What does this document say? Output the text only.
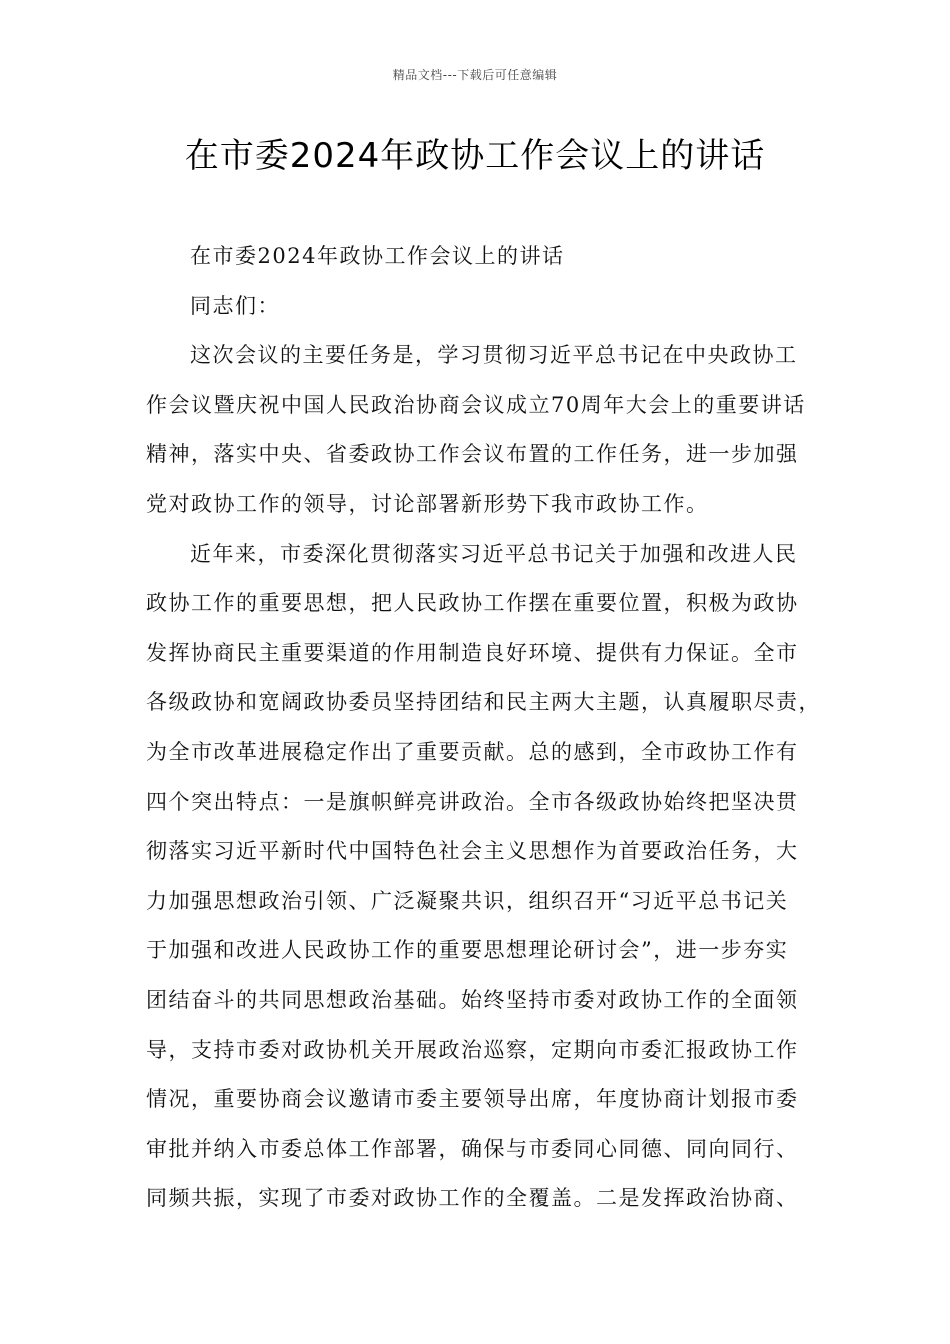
精品文档---下载后可任意编辑
在市委2024年政协工作会议上的讲话

在市委2024年政协工作会议上的讲话

同志们：

这次会议的主要任务是，学习贯彻习近平总书记在中央政协工

作会议暨庆祝中国人民政治协商会议成立70周年大会上的重要讲话

精神，落实中央、省委政协工作会议布置的工作任务，进一步加强

党对政协工作的领导，讨论部署新形势下我市政协工作。

近年来，市委深化贯彻落实习近平总书记关于加强和改进人民

政协工作的重要思想，把人民政协工作摆在重要位置，积极为政协

发挥协商民主重要渠道的作用制造良好环境、提供有力保证。全市

各级政协和宽阔政协委员坚持团结和民主两大主题，认真履职尽责，

为全市改革进展稳定作出了重要贡献。总的感到，全市政协工作有

四个突出特点：一是旗帜鲜亮讲政治。全市各级政协始终把坚决贯

彻落实习近平新时代中国特色社会主义思想作为首要政治任务，大

力加强思想政治引领、广泛凝聚共识，组织召开“习近平总书记关

于加强和改进人民政协工作的重要思想理论研讨会”，进一步夯实

团结奋斗的共同思想政治基础。始终坚持市委对政协工作的全面领

导，支持市委对政协机关开展政治巡察，定期向市委汇报政协工作

情况，重要协商会议邀请市委主要领导出席，年度协商计划报市委

审批并纳入市委总体工作部署，确保与市委同心同德、同向同行、

同频共振，实现了市委对政协工作的全覆盖。二是发挥政治协商、
